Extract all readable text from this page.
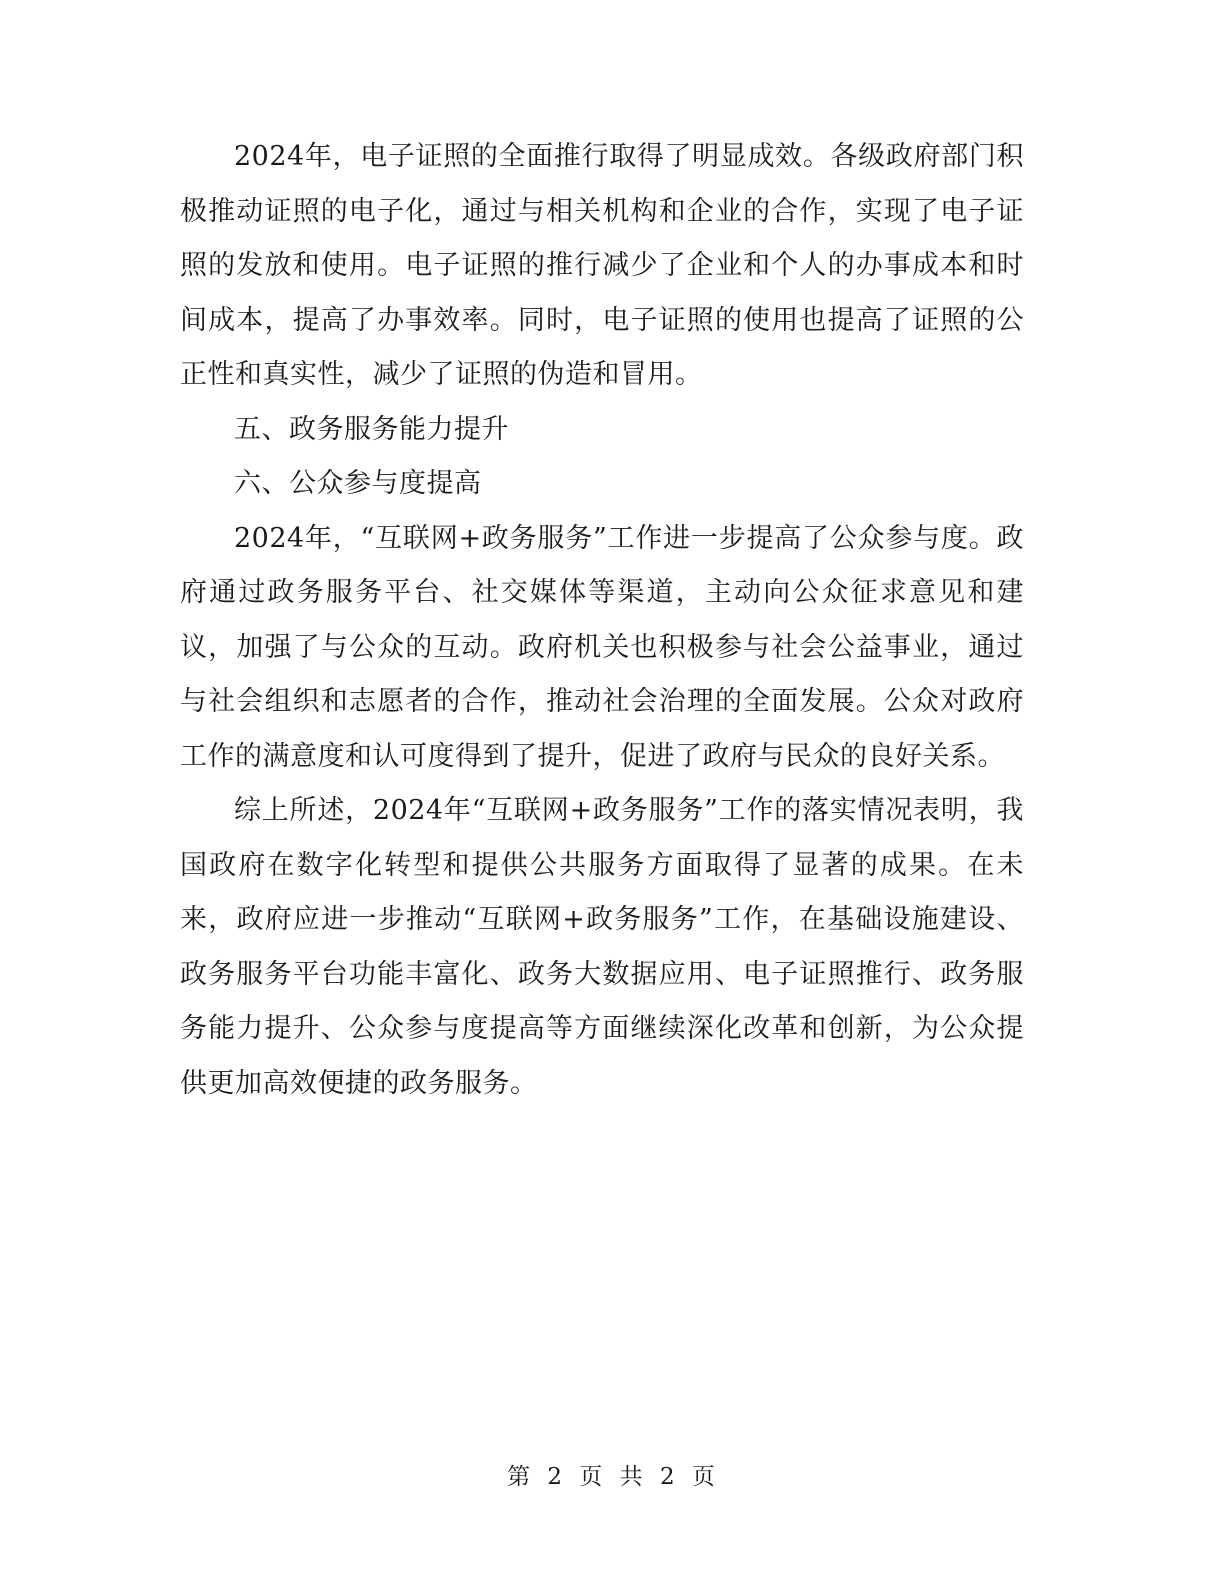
2024年，电子证照的全面推行取得了明显成效。各级政府部门积极推动证照的电子化，通过与相关机构和企业的合作，实现了电子证照的发放和使用。电子证照的推行减少了企业和个人的办事成本和时间成本，提高了办事效率。同时，电子证照的使用也提高了证照的公正性和真实性，减少了证照的伪造和冒用。

五、政务服务能力提升

六、公众参与度提高

2024年，“互联网+政务服务”工作进一步提高了公众参与度。政府通过政务服务平台、社交媒体等渠道，主动向公众征求意见和建议，加强了与公众的互动。政府机关也积极参与社会公益事业，通过与社会组织和志愿者的合作，推动社会治理的全面发展。公众对政府工作的满意度和认可度得到了提升，促进了政府与民众的良好关系。

综上所述，2024年“互联网+政务服务”工作的落实情况表明，我国政府在数字化转型和提供公共服务方面取得了显著的成果。在未来，政府应进一步推动“互联网+政务服务”工作，在基础设施建设、政务服务平台功能丰富化、政务大数据应用、电子证照推行、政务服务能力提升、公众参与度提高等方面继续深化改革和创新，为公众提供更加高效便捷的政务服务。

第 2 页 共 2 页
